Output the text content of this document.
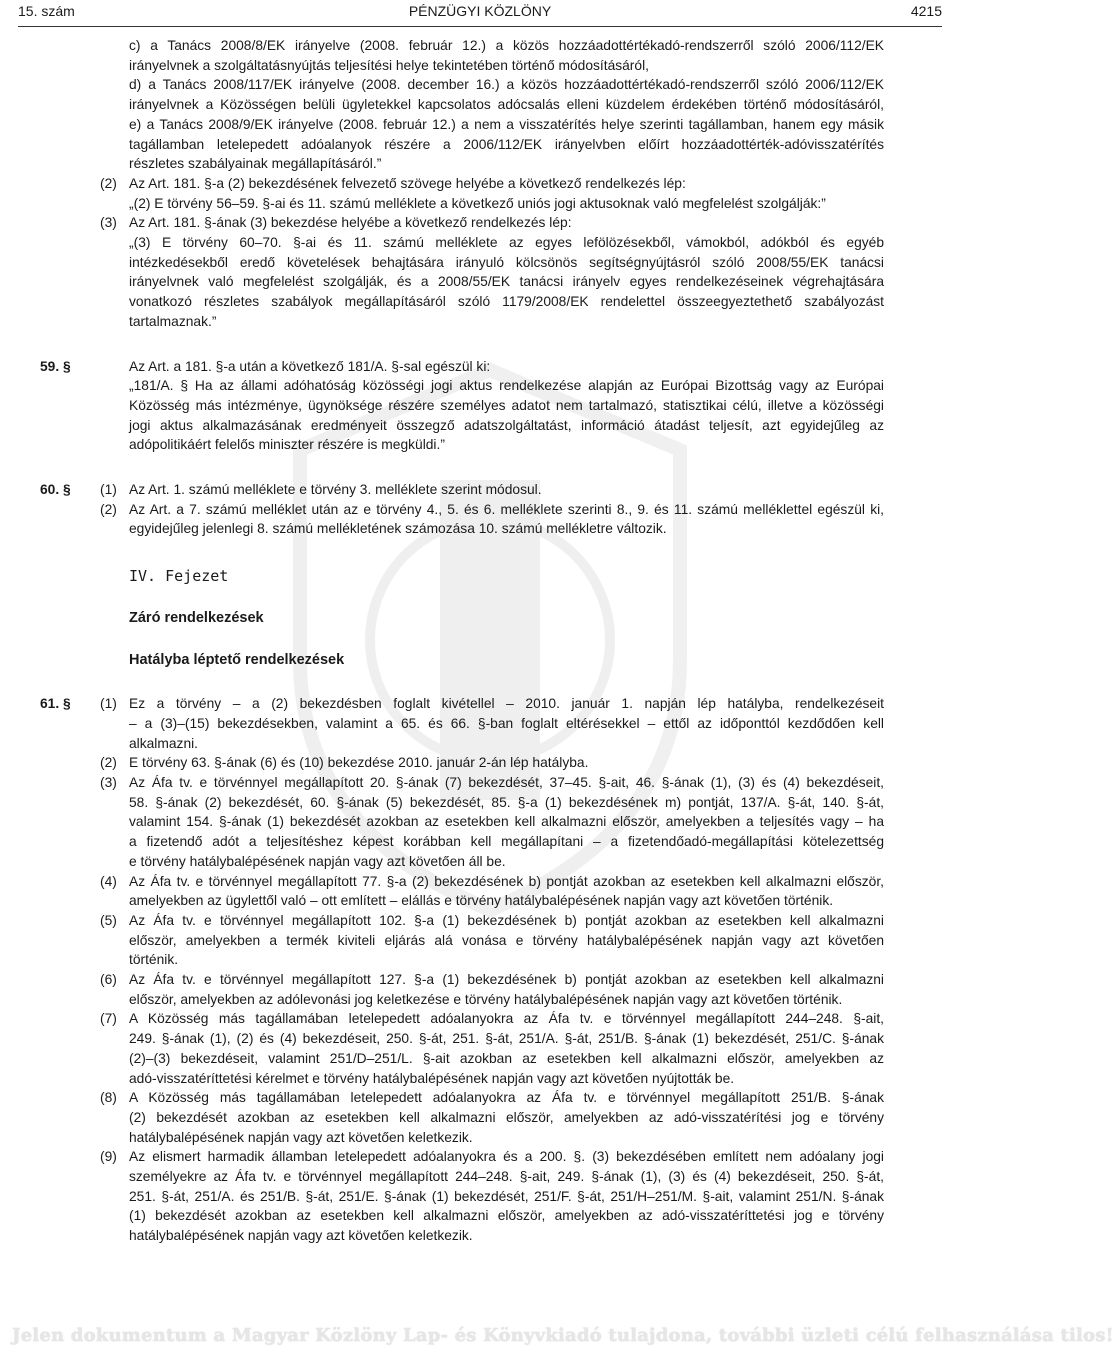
15. szám	PÉNZÜGYI KÖZLÖNY	4215
c) a Tanács 2008/8/EK irányelve (2008. február 12.) a közös hozzáadottértékadó-rendszerről szóló 2006/112/EK
irányelvnek a szolgáltatásnyújtás teljesítési helye tekintetében történő módosításáról,
d) a Tanács 2008/117/EK irányelve (2008. december 16.) a közös hozzáadottértékadó-rendszerről szóló 2006/112/EK
irányelvnek a Közösségen belüli ügyletekkel kapcsolatos adócsalás elleni küzdelem érdekében történő módosításáról,
e) a Tanács 2008/9/EK irányelve (2008. február 12.) a nem a visszatérítés helye szerinti tagállamban, hanem egy másik
tagállamban letelepedett adóalanyok részére a 2006/112/EK irányelvben előírt hozzáadottérték-adóvisszatérítés
részletes szabályainak megállapításáról.”
(2) Az Art. 181. §-a (2) bekezdésének felvezető szövege helyébe a következő rendelkezés lép:
„(2) E törvény 56–59. §-ai és 11. számú melléklete a következő uniós jogi aktusoknak való megfelelést szolgálják:”
(3) Az Art. 181. §-ának (3) bekezdése helyébe a következő rendelkezés lép:
„(3) E törvény 60–70. §-ai és 11. számú melléklete az egyes lefölözésekből, vámokból, adókból és egyéb
intézkedésekből eredő követelések behajtására irányuló kölcsönös segítségnyújtásról szóló 2008/55/EK tanácsi
irányelvnek való megfelelést szolgálják, és a 2008/55/EK tanácsi irányelv egyes rendelkezéseinek végrehajtására
vonatkozó részletes szabályok megállapításáról szóló 1179/2008/EK rendelettel összeegyeztethető szabályozást
tartalmaznak.”
59. §	Az Art. a 181. §-a után a következő 181/A. §-sal egészül ki:
„181/A. § Ha az állami adóhatóság közösségi jogi aktus rendelkezése alapján az Európai Bizottság vagy az Európai
Közösség más intézménye, ügynöksége részére személyes adatot nem tartalmazó, statisztikai célú, illetve a közösségi
jogi aktus alkalmazásának eredményeit összegző adatszolgáltatást, információ átadást teljesít, azt egyidejűleg az
adópolitikáért felelős miniszter részére is megküldi.”
60. § (1) Az Art. 1. számú melléklete e törvény 3. melléklete szerint módosul.
(2) Az Art. a 7. számú melléklet után az e törvény 4., 5. és 6. melléklete szerinti 8., 9. és 11. számú melléklettel egészül ki,
egyidejűleg jelenlegi 8. számú mellékletének számozása 10. számú mellékletre változik.
IV. Fejezet
Záró rendelkezések
Hatályba léptető rendelkezések
61. § (1) Ez a törvény – a (2) bekezdésben foglalt kivétellel – 2010. január 1. napján lép hatályba, rendelkezéseit
– a (3)–(15) bekezdésekben, valamint a 65. és 66. §-ban foglalt eltérésekkel – ettől az időponttól kezdődően kell
alkalmazni.
(2) E törvény 63. §-ának (6) és (10) bekezdése 2010. január 2-án lép hatályba.
(3) Az Áfa tv. e törvénnyel megállapított 20. §-ának (7) bekezdését, 37–45. §-ait, 46. §-ának (1), (3) és (4) bekezdéseit,
58. §-ának (2) bekezdését, 60. §-ának (5) bekezdését, 85. §-a (1) bekezdésének m) pontját, 137/A. §-át, 140. §-át,
valamint 154. §-ának (1) bekezdését azokban az esetekben kell alkalmazni először, amelyekben a teljesítés vagy – ha
a fizetendő adót a teljesítéshez képest korábban kell megállapítani – a fizetendőadó-megállapítási kötelezettség
e törvény hatálybalépésének napján vagy azt követően áll be.
(4) Az Áfa tv. e törvénnyel megállapított 77. §-a (2) bekezdésének b) pontját azokban az esetekben kell alkalmazni először,
amelyekben az ügylettől való – ott említett – elállás e törvény hatálybalépésének napján vagy azt követően történik.
(5) Az Áfa tv. e törvénnyel megállapított 102. §-a (1) bekezdésének b) pontját azokban az esetekben kell alkalmazni
először, amelyekben a termék kiviteli eljárás alá vonása e törvény hatálybalépésének napján vagy azt követően
történik.
(6) Az Áfa tv. e törvénnyel megállapított 127. §-a (1) bekezdésének b) pontját azokban az esetekben kell alkalmazni
először, amelyekben az adólevonási jog keletkezése e törvény hatálybalépésének napján vagy azt követően történik.
(7) A Közösség más tagállamában letelepedett adóalanyokra az Áfa tv. e törvénnyel megállapított 244–248. §-ait,
249. §-ának (1), (2) és (4) bekezdéseit, 250. §-át, 251. §-át, 251/A. §-át, 251/B. §-ának (1) bekezdését, 251/C. §-ának
(2)–(3) bekezdéseit, valamint 251/D–251/L. §-ait azokban az esetekben kell alkalmazni először, amelyekben az
adó-visszatéríttetési kérelmet e törvény hatálybalépésének napján vagy azt követően nyújtották be.
(8) A Közösség más tagállamában letelepedett adóalanyokra az Áfa tv. e törvénnyel megállapított 251/B. §-ának
(2) bekezdését azokban az esetekben kell alkalmazni először, amelyekben az adó-visszatérítési jog e törvény
hatálybalépésének napján vagy azt követően keletkezik.
(9) Az elismert harmadik államban letelepedett adóalanyokra és a 200. §. (3) bekezdésében említett nem adóalany jogi
személyekre az Áfa tv. e törvénnyel megállapított 244–248. §-ait, 249. §-ának (1), (3) és (4) bekezdéseit, 250. §-át,
251. §-át, 251/A. és 251/B. §-át, 251/E. §-ának (1) bekezdését, 251/F. §-át, 251/H–251/M. §-ait, valamint 251/N. §-ának
(1) bekezdését azokban az esetekben kell alkalmazni először, amelyekben az adó-visszatéríttetési jog e törvény
hatálybalépésének napján vagy azt követően keletkezik.
Jelen dokumentum a Magyar Közlöny Lap- és Könyvkiadó tulajdona, további üzleti célú felhasználása tilos!
